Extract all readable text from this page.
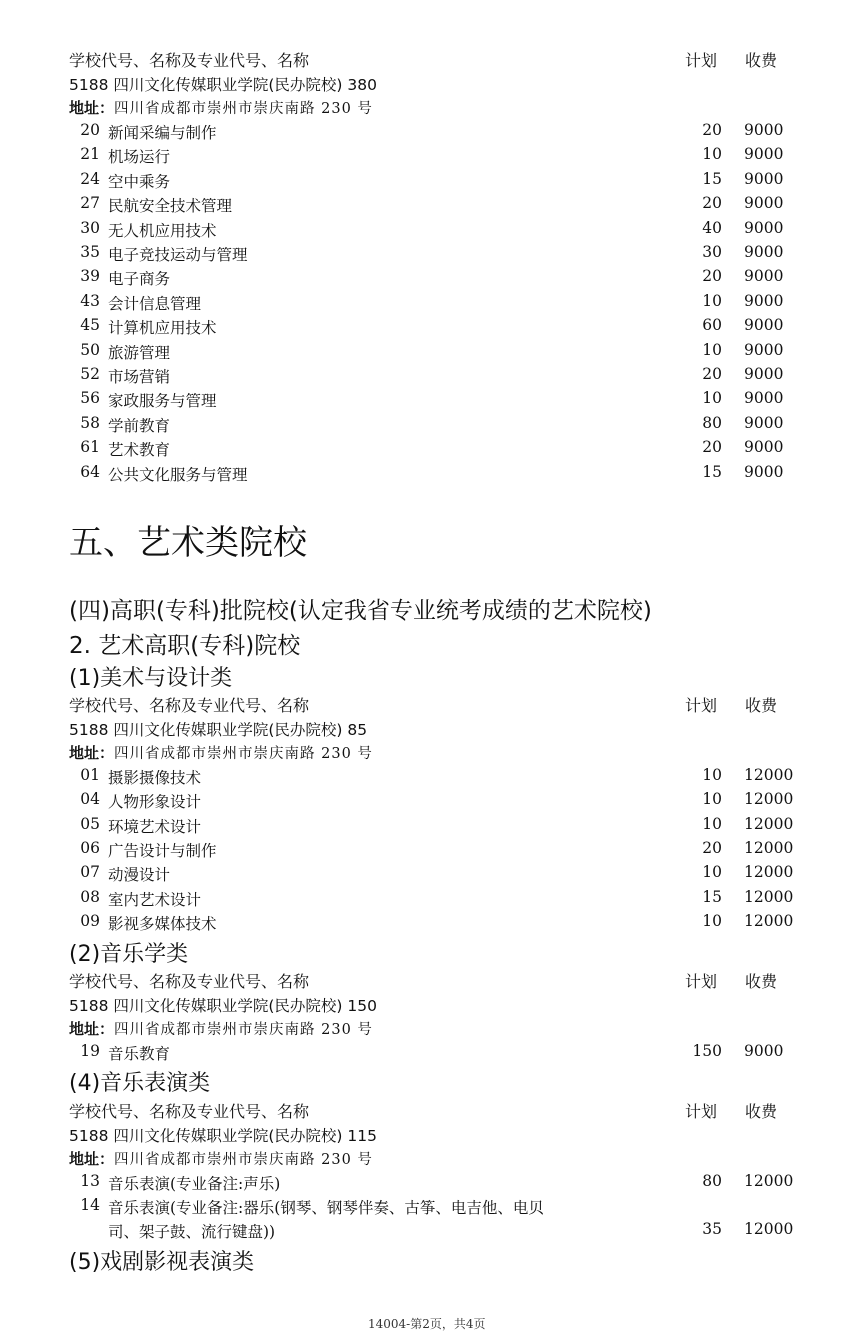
学校代号、名称及专业代号、名称	计划 收费
5188 四川文化传媒职业学院(民办院校) 380
地址：四川省成都市崇州市崇庆南路 230 号
20 新闻采编与制作	20 9000
21 机场运行	10 9000
24 空中乘务	15 9000
27 民航安全技术管理	20 9000
30 无人机应用技术	40 9000
35 电子竞技运动与管理	30 9000
39 电子商务	20 9000
43 会计信息管理	10 9000
45 计算机应用技术	60 9000
50 旅游管理	10 9000
52 市场营销	20 9000
56 家政服务与管理	10 9000
58 学前教育	80 9000
61 艺术教育	20 9000
64 公共文化服务与管理	15 9000
五、艺术类院校
(四)高职(专科)批院校(认定我省专业统考成绩的艺术院校)
2. 艺术高职(专科)院校
(1)美术与设计类
学校代号、名称及专业代号、名称	计划 收费
5188 四川文化传媒职业学院(民办院校) 85
地址：四川省成都市崇州市崇庆南路 230 号
01 摄影摄像技术	10 12000
04 人物形象设计	10 12000
05 环境艺术设计	10 12000
06 广告设计与制作	20 12000
07 动漫设计	10 12000
08 室内艺术设计	15 12000
09 影视多媒体技术	10 12000
(2)音乐学类
学校代号、名称及专业代号、名称	计划 收费
5188 四川文化传媒职业学院(民办院校) 150
地址：四川省成都市崇州市崇庆南路 230 号
19 音乐教育	150 9000
(4)音乐表演类
学校代号、名称及专业代号、名称	计划 收费
5188 四川文化传媒职业学院(民办院校) 115
地址：四川省成都市崇州市崇庆南路 230 号
13 音乐表演(专业备注:声乐)	80 12000
14 音乐表演(专业备注:器乐(钢琴、钢琴伴奏、古筝、电吉他、电贝
司、架子鼓、流行键盘))	35 12000
(5)戏剧影视表演类
14004-第2页，共4页
